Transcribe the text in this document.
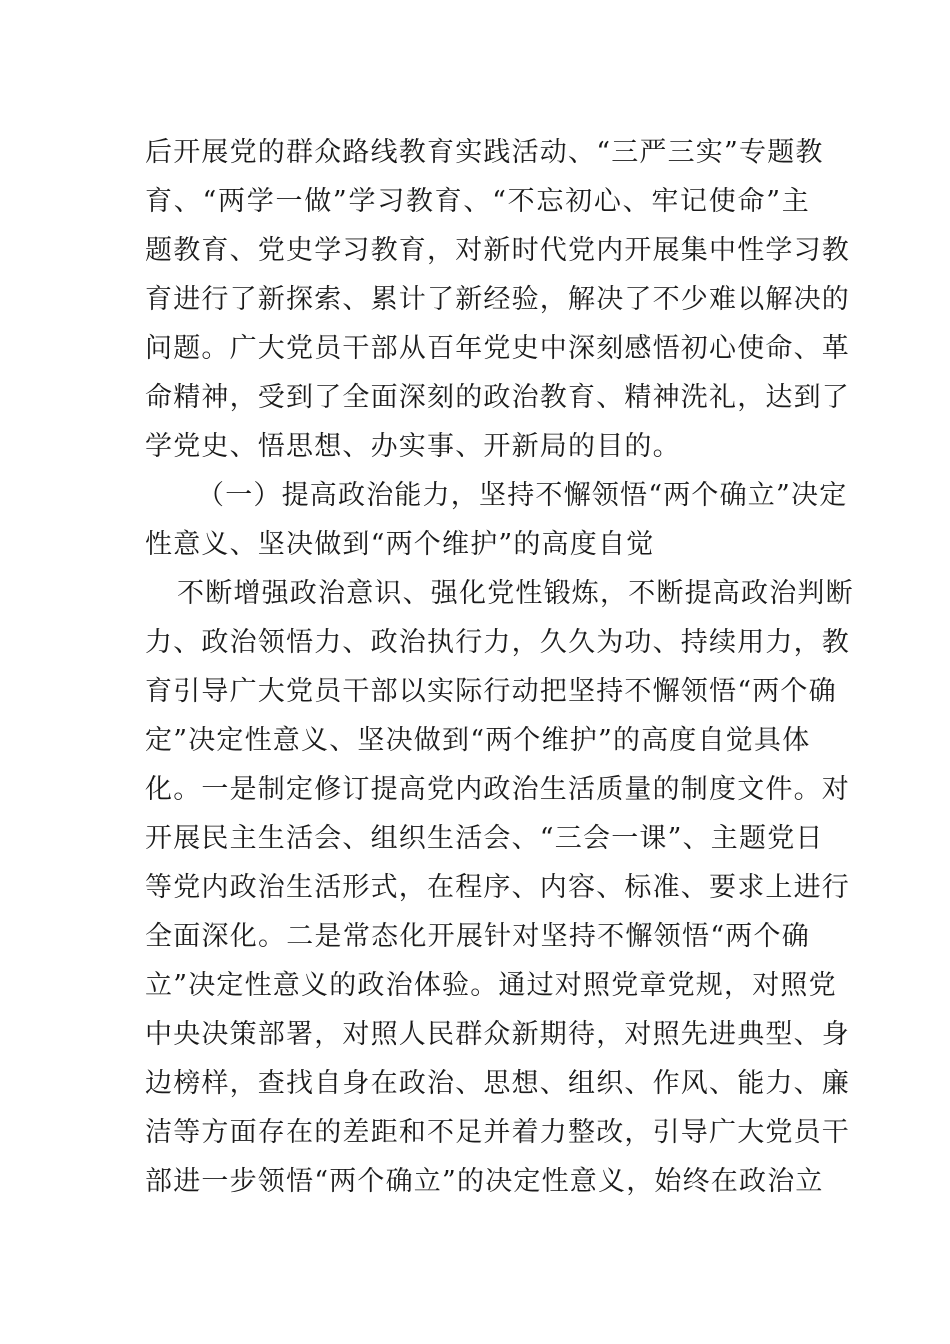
后开展党的群众路线教育实践活动、“三严三实”专题教
育、“两学一做”学习教育、“不忘初心、牢记使命”主
题教育、党史学习教育，对新时代党内开展集中性学习教
育进行了新探索、累计了新经验，解决了不少难以解决的
问题。广大党员干部从百年党史中深刻感悟初心使命、革
命精神，受到了全面深刻的政治教育、精神洗礼，达到了
学党史、悟思想、办实事、开新局的目的。
（一）提高政治能力，坚持不懈领悟“两个确立”决定
性意义、坚决做到“两个维护”的高度自觉
不断增强政治意识、强化党性锻炼，不断提高政治判断
力、政治领悟力、政治执行力，久久为功、持续用力，教
育引导广大党员干部以实际行动把坚持不懈领悟“两个确
定”决定性意义、坚决做到“两个维护”的高度自觉具体
化。一是制定修订提高党内政治生活质量的制度文件。对
开展民主生活会、组织生活会、“三会一课”、主题党日
等党内政治生活形式，在程序、内容、标准、要求上进行
全面深化。二是常态化开展针对坚持不懈领悟“两个确
立”决定性意义的政治体验。通过对照党章党规，对照党
中央决策部署，对照人民群众新期待，对照先进典型、身
边榜样，查找自身在政治、思想、组织、作风、能力、廉
洁等方面存在的差距和不足并着力整改，引导广大党员干
部进一步领悟“两个确立”的决定性意义，始终在政治立
